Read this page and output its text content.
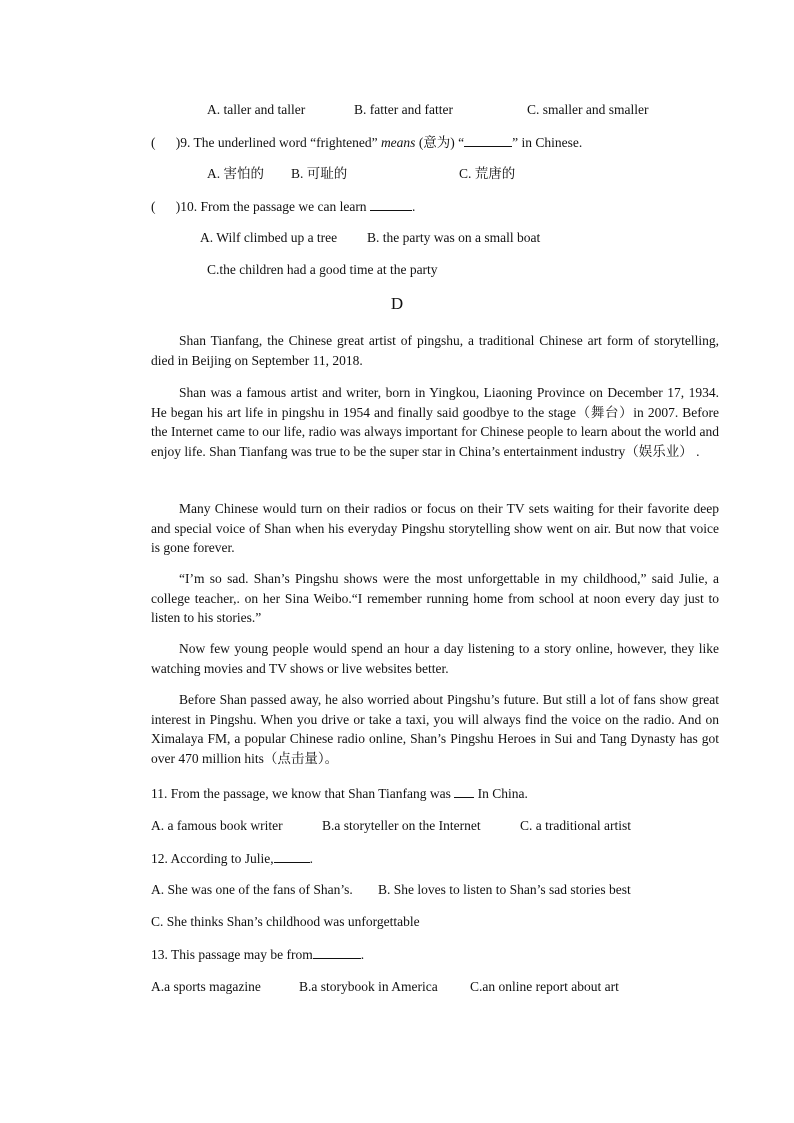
A. taller and taller	B. fatter and fatter	C. smaller and smaller
(      )9. The underlined word “frightened” means (意为) “	” in Chinese.
A. 害怕的 B. 可耻的	C. 荒唐的
(      )10. From the passage we can learn	.
A. Wilf climbed up a tree B. the party was on a small boat
C.the children had a good time at the party
D

Shan Tianfang, the Chinese great artist of pingshu, a traditional Chinese art form of storytelling, died in Beijing on September 11, 2018.

Shan was a famous artist and writer, born in Yingkou, Liaoning Province on December 17, 1934. He began his art life in pingshu in 1954 and finally said goodbye to the stage（舞台）in 2007. Before the Internet came to our life, radio was always important for Chinese people to learn about the world and enjoy life. Shan Tianfang was true to be the super star in China’s entertainment industry（娱乐业） .

Many Chinese would turn on their radios or focus on their TV sets waiting for their favorite deep and special voice of Shan when his everyday Pingshu storytelling show went on air. But now that voice is gone forever.

“I’m so sad. Shan’s Pingshu shows were the most unforgettable in my childhood,” said Julie, a college teacher,. on her Sina Weibo.“I remember running home from school at noon every day just to listen to his stories.”

Now few young people would spend an hour a day listening to a story online, however, they like watching movies and TV shows or live websites better.

Before Shan passed away, he also worried about Pingshu’s future. But still a lot of fans show great interest in Pingshu. When you drive or take a taxi, you will always find the voice on the radio. And on Ximalaya FM, a popular Chinese radio online, Shan’s Pingshu Heroes in Sui and Tang Dynasty has got over 470 million hits（点击量）。

11. From the passage, we know that Shan Tianfang was  In China.
A. a famous book writer	B.a storyteller on the Internet	C. a traditional artist
12. According to Julie,	.
A. She was one of the fans of Shan’s. B. She loves to listen to Shan’s sad stories best
C. She thinks Shan’s childhood was unforgettable
13. This passage may be from	.
A.a sports magazine	B.a storybook in America C.an online report about art
